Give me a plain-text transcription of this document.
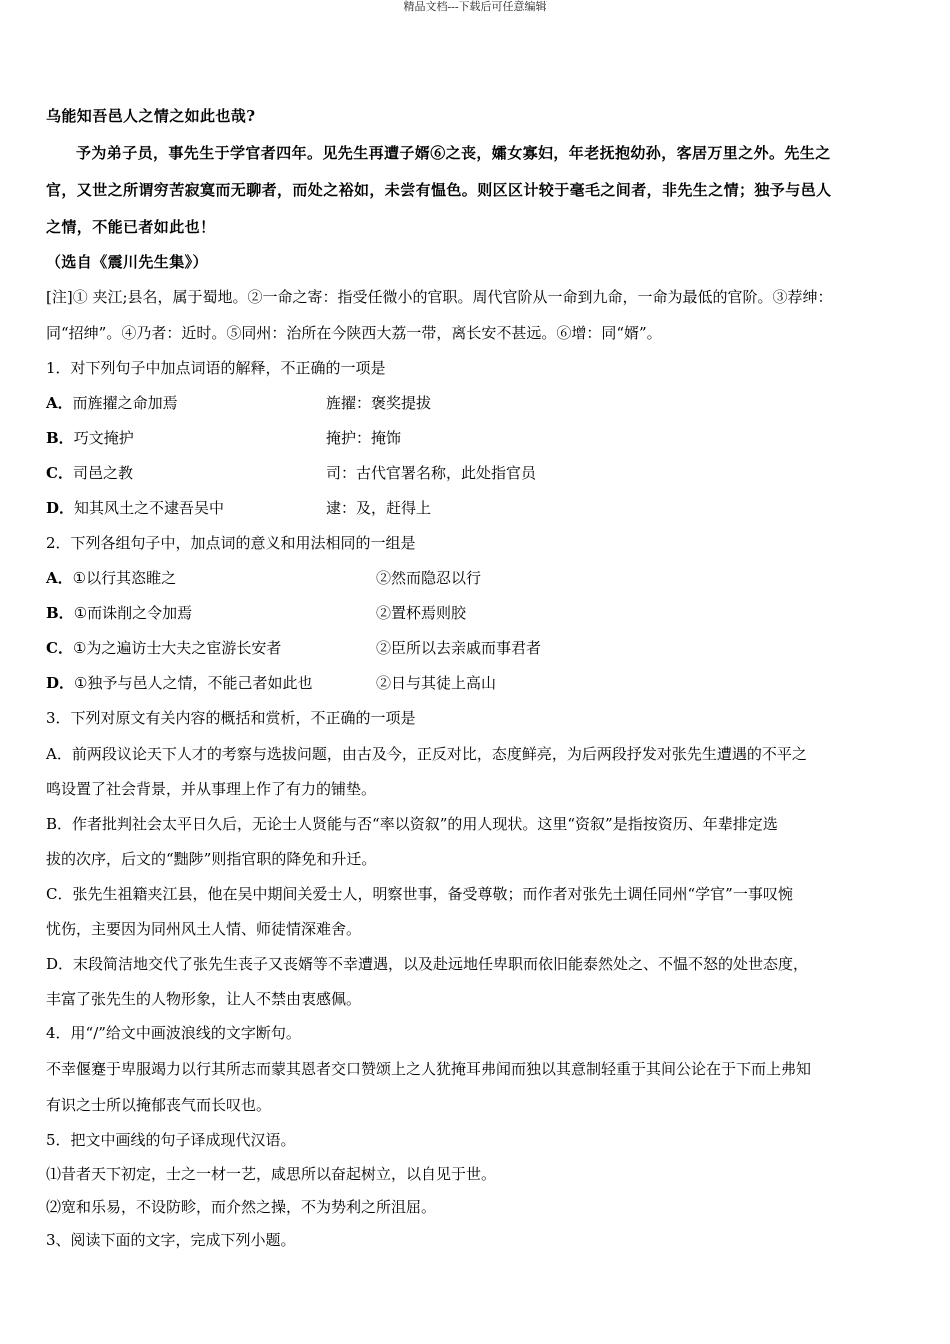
精品文档---下载后可任意编辑

乌能知吾邑人之情之如此也哉?

予为弟子员，事先生于学官者四年。见先生再遭子婿⑥之丧，孀女寡妇，年老抚抱幼孙，客居万里之外。先生之

官，又世之所谓穷苦寂寞而无聊者，而处之裕如，未尝有愠色。则区区计较于毫毛之间者，非先生之情；独予与邑人

之情，不能已者如此也！

（选自《震川先生集》）

[注]① 夹江;县名，属于蜀地。②一命之寄：指受任微小的官职。周代官阶从一命到九命，一命为最低的官阶。③荐绅：

同“招绅”。④乃者：近时。⑤同州：治所在今陕西大荔一带，离长安不甚远。⑥增：同“婿”。

1．对下列句子中加点词语的解释，不正确的一项是

A．而旌擢之命加焉	旌擢：褒奖提拔
B．巧文掩护	掩护：掩饰
C．司邑之教	司：古代官署名称，此处指官员
D．知其风土之不逮吾吴中	逮：及，赶得上

2．下列各组句子中，加点词的意义和用法相同的一组是

A．①以行其恣睢之	②然而隐忍以行
B．①而诛削之令加焉	②置杯焉则胶
C．①为之遍访士大夫之宦游长安者	②臣所以去亲戚而事君者
D．①独予与邑人之情，不能己者如此也	②日与其徒上高山

3．下列对原文有关内容的概括和赏析，不正确的一项是

A．前两段议论天下人才的考察与选拔问题，由古及今，正反对比，态度鲜亮，为后两段抒发对张先生遭遇的不平之

鸣设置了社会背景，并从事理上作了有力的铺垫。

B．作者批判社会太平日久后，无论士人贤能与否“率以资叙”的用人现状。这里“资叙”是指按资历、年辈排定选

拔的次序，后文的“黜陟”则指官职的降免和升迁。

C．张先生祖籍夹江县，他在吴中期间关爱士人，明察世事，备受尊敬；而作者对张先土调任同州“学官”一事叹惋

忧伤，主要因为同州风土人情、师徒情深难舍。

D．末段简洁地交代了张先生丧子又丧婿等不幸遭遇，以及赴远地任卑职而依旧能泰然处之、不愠不怒的处世态度，

丰富了张先生的人物形象，让人不禁由衷感佩。

4．用“/”给文中画波浪线的文字断句。

不幸偃蹇于卑服竭力以行其所志而蒙其恩者交口赞颂上之人犹掩耳弗闻而独以其意制轻重于其间公论在于下而上弗知

有识之士所以掩郁丧气而长叹也。

5．把文中画线的句子译成现代汉语。

⑴昔者天下初定，士之一材一艺，咸思所以奋起树立，以自见于世。

⑵宽和乐易，不设防畛，而介然之操，不为势利之所沮屈。

3、阅读下面的文字，完成下列小题。
